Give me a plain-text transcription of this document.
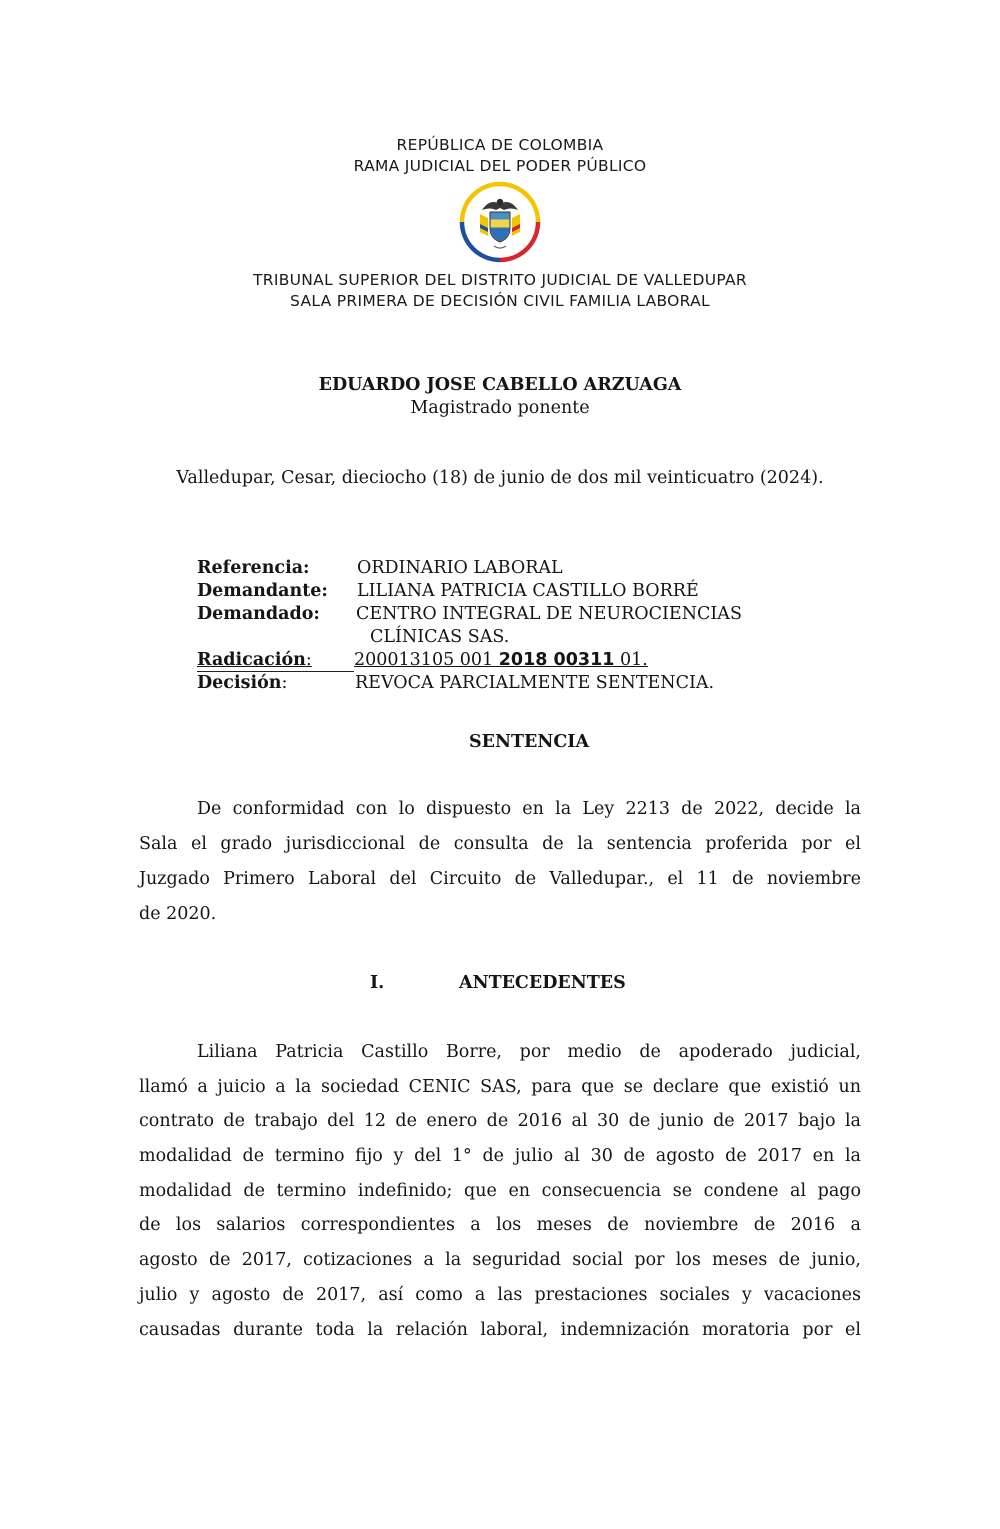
REPÚBLICA DE COLOMBIA
RAMA JUDICIAL DEL PODER PÚBLICO
TRIBUNAL SUPERIOR DEL DISTRITO JUDICIAL DE VALLEDUPAR
SALA PRIMERA DE DECISIÓN CIVIL FAMILIA LABORAL
EDUARDO JOSE CABELLO ARZUAGA
Magistrado ponente
Valledupar, Cesar, dieciocho (18) de junio de dos mil veinticuatro (2024).
Referencia:	ORDINARIO LABORAL
Demandante: LILIANA PATRICIA CASTILLO BORRÉ
Demandado: CENTRO INTEGRAL DE NEUROCIENCIAS
CLÍNICAS SAS.
Radicación: 200013105 001 2018 00311 01.
Decisión:	REVOCA PARCIALMENTE SENTENCIA.
SENTENCIA
De conformidad con lo dispuesto en la Ley 2213 de 2022, decide la
Sala el grado jurisdiccional de consulta de la sentencia proferida por el
Juzgado Primero Laboral del Circuito de Valledupar., el 11 de noviembre
de 2020.
I.	ANTECEDENTES
Liliana Patricia Castillo Borre, por medio de apoderado judicial,
llamó a juicio a la sociedad CENIC SAS, para que se declare que existió un
contrato de trabajo del 12 de enero de 2016 al 30 de junio de 2017 bajo la
modalidad de termino fijo y del 1° de julio al 30 de agosto de 2017 en la
modalidad de termino indefinido; que en consecuencia se condene al pago
de los salarios correspondientes a los meses de noviembre de 2016 a
agosto de 2017, cotizaciones a la seguridad social por los meses de junio,
julio y agosto de 2017, así como a las prestaciones sociales y vacaciones
causadas durante toda la relación laboral, indemnización moratoria por el
